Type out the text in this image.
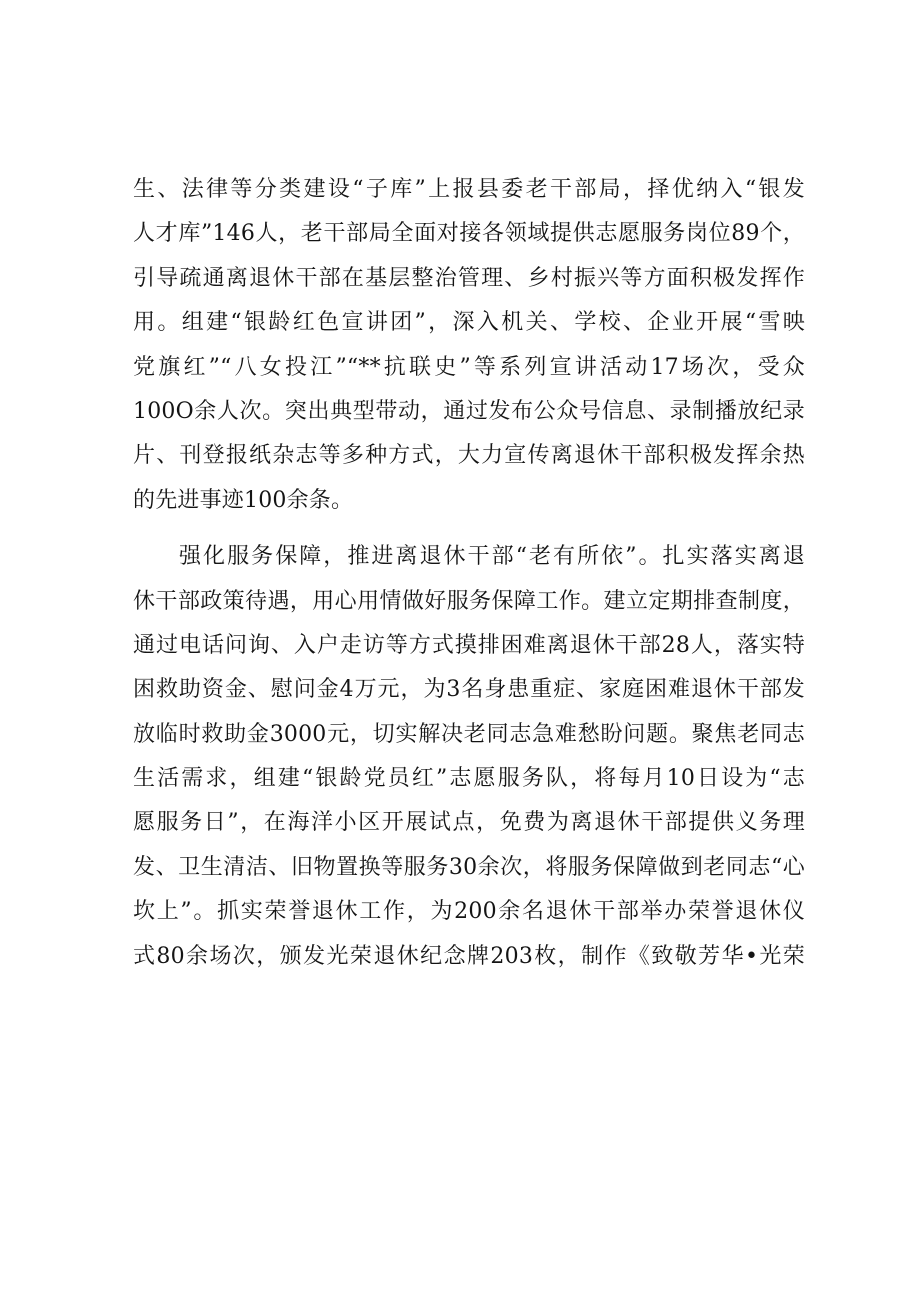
生、法律等分类建设“子库”上报县委老干部局，择优纳入“银发
人才库”146人，老干部局全面对接各领域提供志愿服务岗位89个，
引导疏通离退休干部在基层整治管理、乡村振兴等方面积极发挥作
用。组建“银龄红色宣讲团”，深入机关、学校、企业开展“雪映
党旗红”“八女投江”“**抗联史”等系列宣讲活动17场次，受众
100O余人次。突出典型带动，通过发布公众号信息、录制播放纪录
片、刊登报纸杂志等多种方式，大力宣传离退休干部积极发挥余热
的先进事迹100余条。
强化服务保障，推进离退休干部“老有所依”。扎实落实离退
休干部政策待遇，用心用情做好服务保障工作。建立定期排查制度，
通过电话问询、入户走访等方式摸排困难离退休干部28人，落实特
困救助资金、慰问金4万元，为3名身患重症、家庭困难退休干部发
放临时救助金3000元，切实解决老同志急难愁盼问题。聚焦老同志
生活需求，组建“银龄党员红”志愿服务队，将每月10日设为“志
愿服务日”，在海洋小区开展试点，免费为离退休干部提供义务理
发、卫生清洁、旧物置换等服务30余次，将服务保障做到老同志“心
坎上”。抓实荣誉退休工作，为200余名退休干部举办荣誉退休仪
式80余场次，颁发光荣退休纪念牌203枚，制作《致敬芳华•光荣
